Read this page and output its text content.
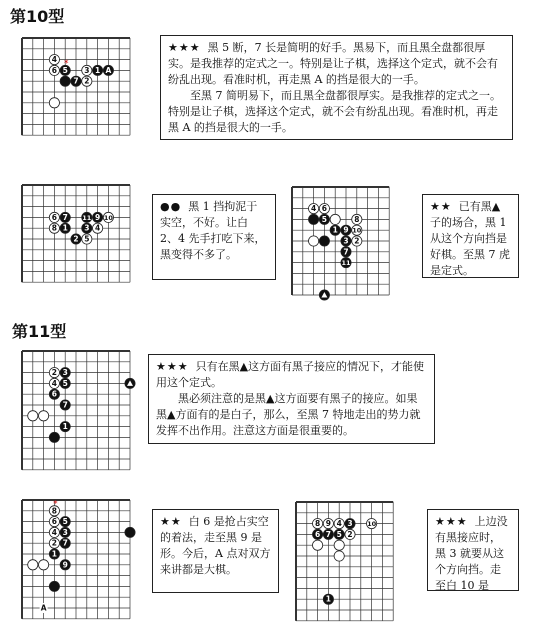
第10型
第11型
4
6 5
*
7
3 1
2
A
6 7
8
11 9 10
1 3
2 5
4
4 6
5
9
8
10
1
3 2
7
11
2 3
4 5
6
7
1
8
*
6 5
4 3
2 7
1
9
A
8 9
6 7
4
5
1
3
2
10

★★★ 黑 5 断，7 长是简明的好手。黑易下，而且黑全盘都很厚实。是我推荐的定式之一。特别是让子棋，选择这个定式，就不会有纷乱出现。看准时机，再走黑 A 的挡是很大的一手。

至黑 7 简明易下，而且黑全盘都很厚实。是我推荐的定式之一。特别是让子棋，选择这个定式，就不会有纷乱出现。看准时机，再走黑 A 的挡是很大的一手。

●● 黑 1 挡拘泥于实空，不好。让白 2、4 先手打吃下来，黑变得不多了。

★★ 已有黑▲子的场合，黑 1 从这个方向挡是好棋。至黑 7 虎是定式。

★★★ 只有在黑▲这方面有黑子接应的情况下，才能使用这个定式。

黑必须注意的是黑▲这方面要有黑子的接应。如果黑▲方面有的是白子，那么，至黑 7 特地走出的势力就发挥不出作用。注意这方面是很重要的。

★★ 白 6 是抢占实空的着法，走至黑 9 是形。今后，A 点对双方来讲都是大棋。

★★★ 上边没有黑接应时，黑 3 就要从这个方向挡。走至白 10 是
